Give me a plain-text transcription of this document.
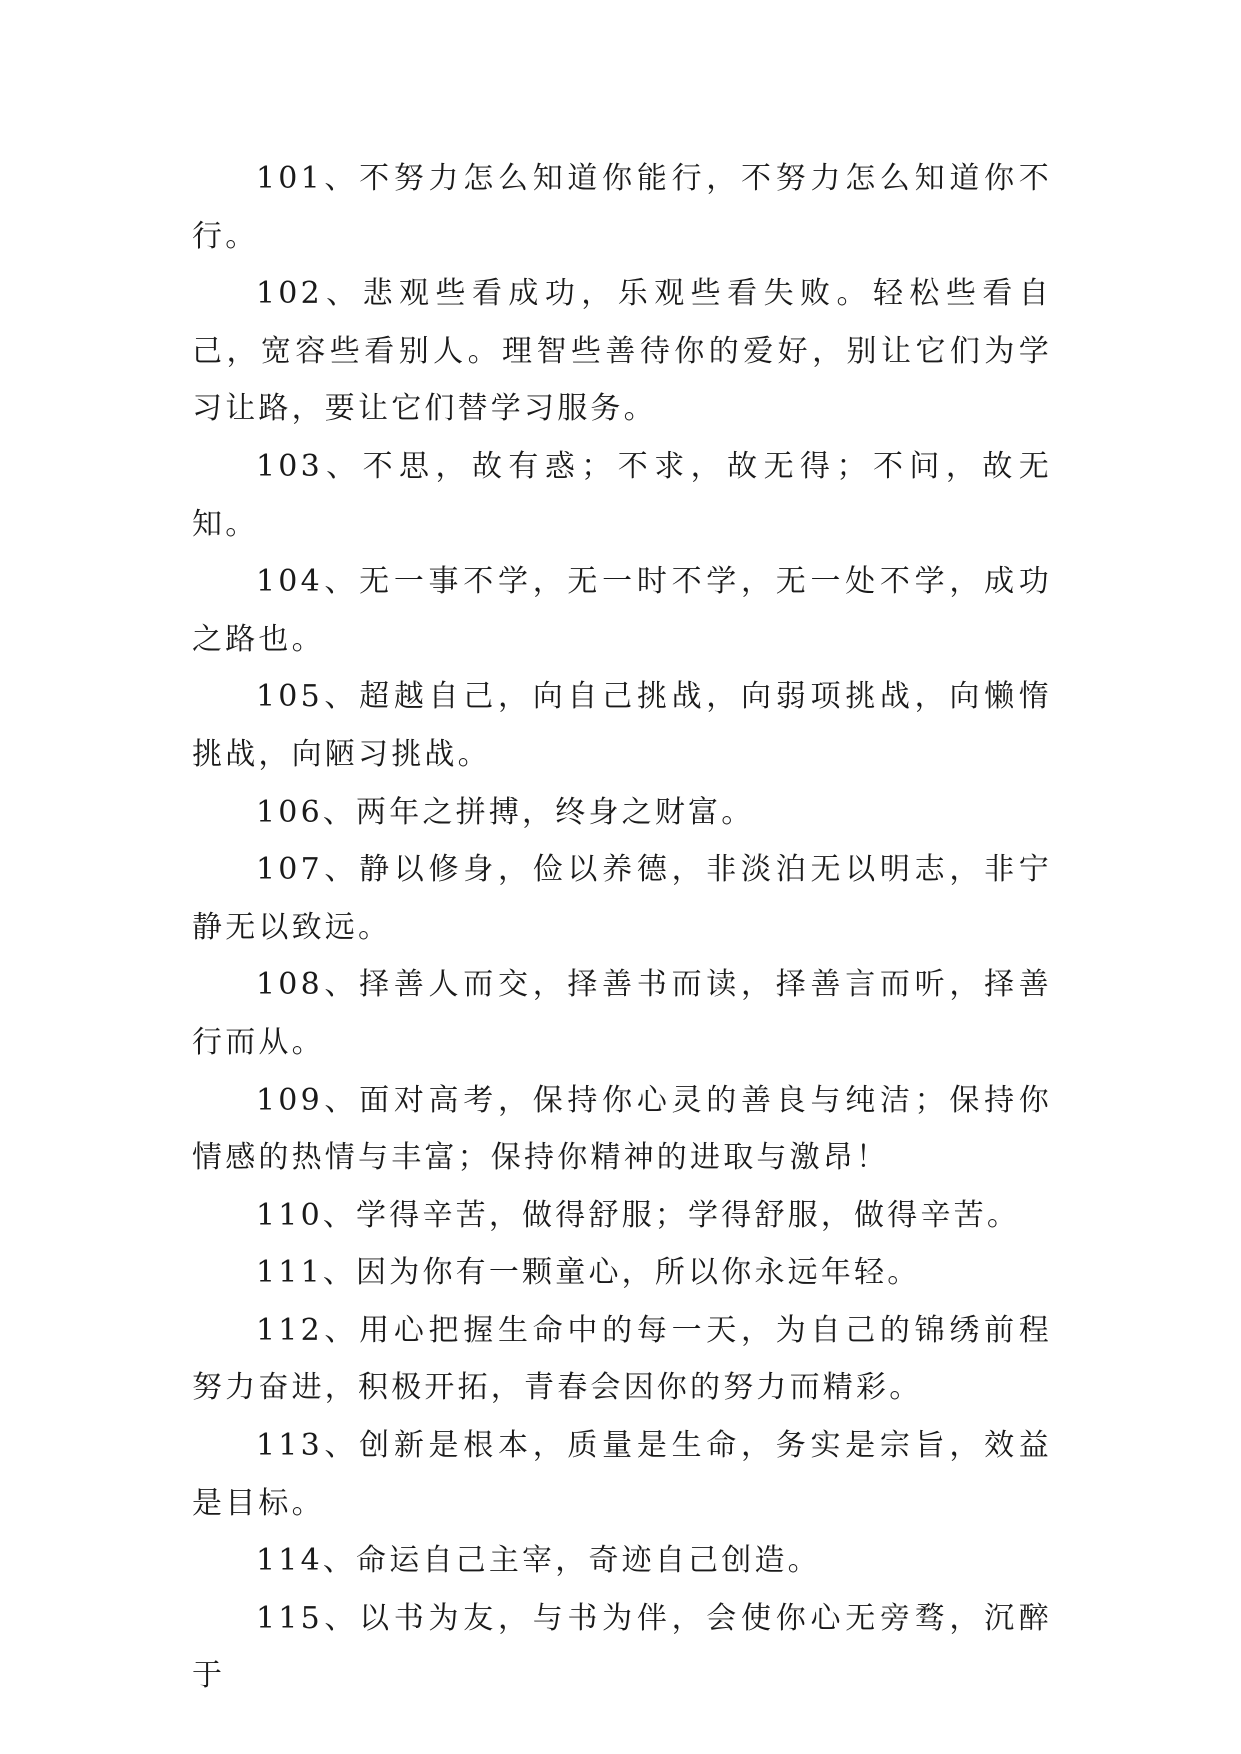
101、不努力怎么知道你能行，不努力怎么知道你不行。

102、悲观些看成功，乐观些看失败。轻松些看自己，宽容些看别人。理智些善待你的爱好，别让它们为学习让路，要让它们替学习服务。

103、不思，故有惑；不求，故无得；不问，故无知。

104、无一事不学，无一时不学，无一处不学，成功之路也。

105、超越自己，向自己挑战，向弱项挑战，向懒惰挑战，向陋习挑战。

106、两年之拼搏，终身之财富。

107、静以修身，俭以养德，非淡泊无以明志，非宁静无以致远。

108、择善人而交，择善书而读，择善言而听，择善行而从。

109、面对高考，保持你心灵的善良与纯洁；保持你情感的热情与丰富；保持你精神的进取与激昂！

110、学得辛苦，做得舒服；学得舒服，做得辛苦。

111、因为你有一颗童心，所以你永远年轻。

112、用心把握生命中的每一天，为自己的锦绣前程努力奋进，积极开拓，青春会因你的努力而精彩。

113、创新是根本，质量是生命，务实是宗旨，效益是目标。

114、命运自己主宰，奇迹自己创造。

115、以书为友，与书为伴，会使你心无旁骛，沉醉于
